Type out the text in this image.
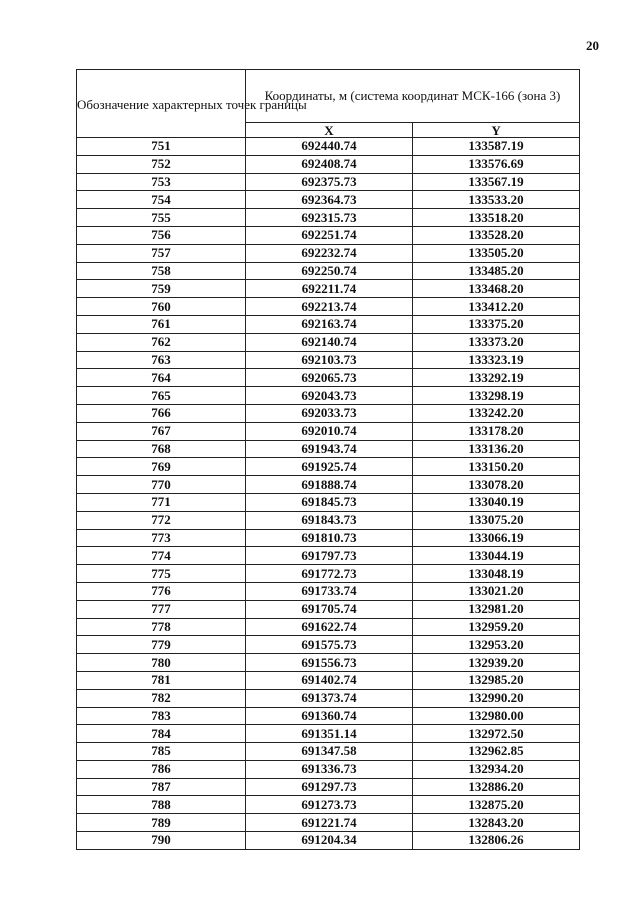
20
Обозначение характерных точек границы	Координаты, м (система координат МСК-166 (зона 3)	
	X	Y
751	692440.74	133587.19
752	692408.74	133576.69
753	692375.73	133567.19
754	692364.73	133533.20
755	692315.73	133518.20
756	692251.74	133528.20
757	692232.74	133505.20
758	692250.74	133485.20
759	692211.74	133468.20
760	692213.74	133412.20
761	692163.74	133375.20
762	692140.74	133373.20
763	692103.73	133323.19
764	692065.73	133292.19
765	692043.73	133298.19
766	692033.73	133242.20
767	692010.74	133178.20
768	691943.74	133136.20
769	691925.74	133150.20
770	691888.74	133078.20
771	691845.73	133040.19
772	691843.73	133075.20
773	691810.73	133066.19
774	691797.73	133044.19
775	691772.73	133048.19
776	691733.74	133021.20
777	691705.74	132981.20
778	691622.74	132959.20
779	691575.73	132953.20
780	691556.73	132939.20
781	691402.74	132985.20
782	691373.74	132990.20
783	691360.74	132980.00
784	691351.14	132972.50
785	691347.58	132962.85
786	691336.73	132934.20
787	691297.73	132886.20
788	691273.73	132875.20
789	691221.74	132843.20
790	691204.34	132806.26
